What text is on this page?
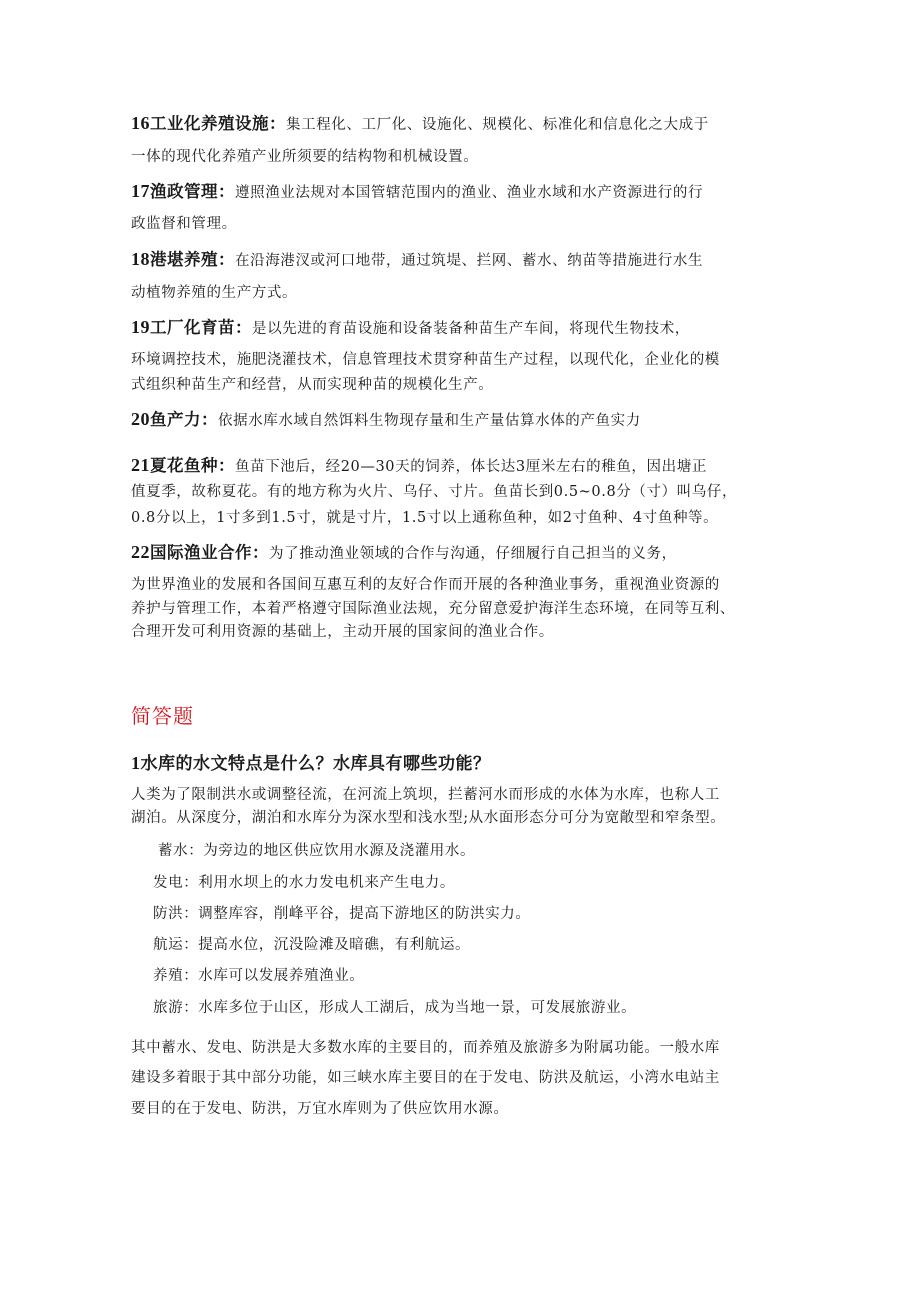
16工业化养殖设施：集工程化、工厂化、设施化、规模化、标准化和信息化之大成于
一体的现代化养殖产业所须要的结构物和机械设置。
17渔政管理：遵照渔业法规对本国管辖范围内的渔业、渔业水域和水产资源进行的行
政监督和管理。
18港堪养殖：在沿海港汊或河口地带，通过筑堤、拦网、蓄水、纳苗等措施进行水生
动植物养殖的生产方式。
19工厂化育苗：是以先进的育苗设施和设备装备种苗生产车间，将现代生物技术，
环境调控技术，施肥浇灌技术，信息管理技术贯穿种苗生产过程，以现代化，企业化的模
式组织种苗生产和经营，从而实现种苗的规模化生产。
20鱼产力：依据水库水域自然饵料生物现存量和生产量估算水体的产鱼实力
21夏花鱼种：鱼苗下池后，经20—30天的饲养，体长达3厘米左右的稚鱼，因出塘正
值夏季，故称夏花。有的地方称为火片、乌仔、寸片。鱼苗长到0.5~0.8分（寸）叫乌仔，
0.8分以上，1寸多到1.5寸，就是寸片，1.5寸以上通称鱼种，如2寸鱼种、4寸鱼种等。
22国际渔业合作：为了推动渔业领域的合作与沟通，仔细履行自己担当的义务，
为世界渔业的发展和各国间互惠互利的友好合作而开展的各种渔业事务，重视渔业资源的
养护与管理工作，本着严格遵守国际渔业法规，充分留意爱护海洋生态环境，在同等互利、
合理开发可利用资源的基础上，主动开展的国家间的渔业合作。
简答题
1水库的水文特点是什么？水库具有哪些功能？
人类为了限制洪水或调整径流，在河流上筑坝，拦蓄河水而形成的水体为水库，也称人工
湖泊。从深度分，湖泊和水库分为深水型和浅水型;从水面形态分可分为宽敞型和窄条型。
蓄水：为旁边的地区供应饮用水源及浇灌用水。
发电：利用水坝上的水力发电机来产生电力。
防洪：调整库容，削峰平谷，提高下游地区的防洪实力。
航运：提高水位，沉没险滩及暗礁，有利航运。
养殖：水库可以发展养殖渔业。
旅游：水库多位于山区，形成人工湖后，成为当地一景，可发展旅游业。
其中蓄水、发电、防洪是大多数水库的主要目的，而养殖及旅游多为附属功能。一般水库
建设多着眼于其中部分功能，如三峡水库主要目的在于发电、防洪及航运，小湾水电站主
要目的在于发电、防洪，万宜水库则为了供应饮用水源。
